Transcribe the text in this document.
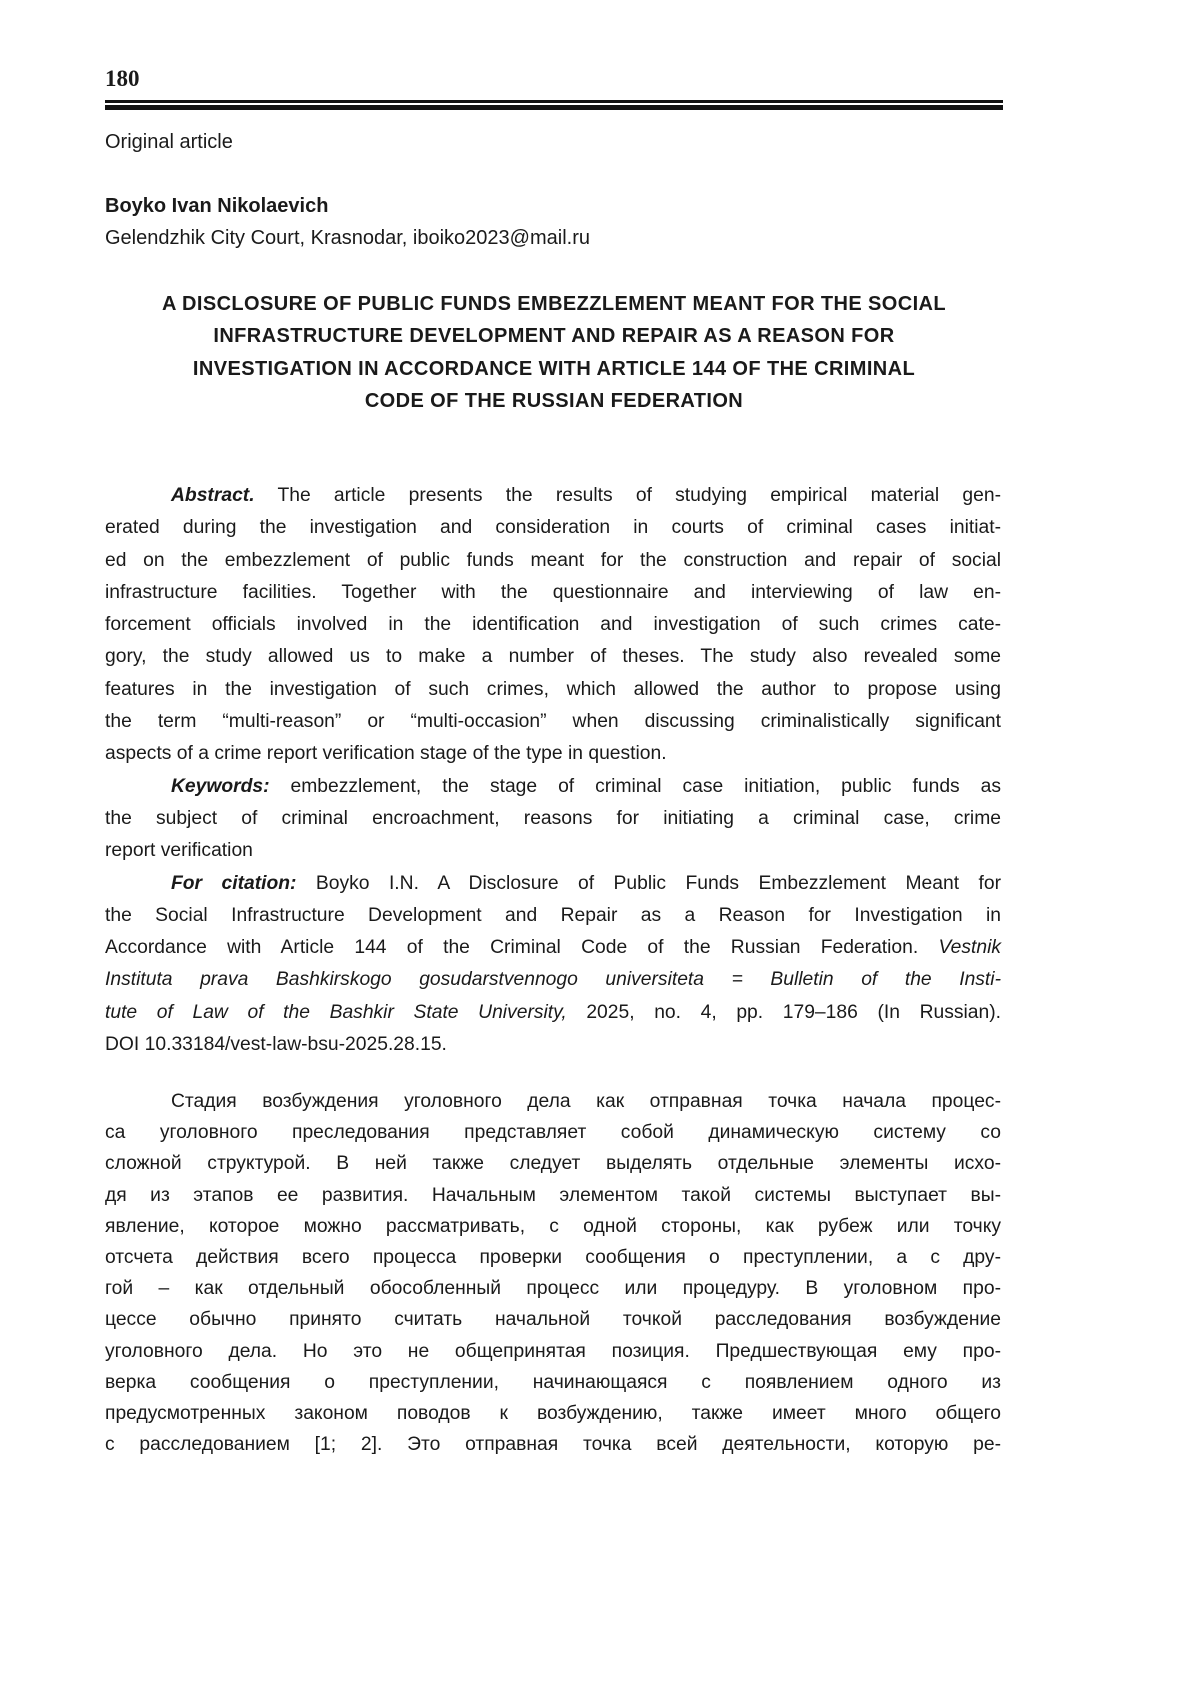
180
Original article
Boyko Ivan Nikolaevich
Gelendzhik City Court, Krasnodar, iboiko2023@mail.ru
A DISCLOSURE OF PUBLIC FUNDS EMBEZZLEMENT MEANT FOR THE SOCIAL
INFRASTRUCTURE DEVELOPMENT AND REPAIR AS A REASON FOR
INVESTIGATION IN ACCORDANCE WITH ARTICLE 144 OF THE CRIMINAL
CODE OF THE RUSSIAN FEDERATION
Abstract. The article presents the results of studying empirical material gen-
erated during the investigation and consideration in courts of criminal cases initiat-
ed on the embezzlement of public funds meant for the construction and repair of social
infrastructure facilities. Together with the questionnaire and interviewing of law en-
forcement officials involved in the identification and investigation of such crimes cate-
gory, the study allowed us to make a number of theses. The study also revealed some
features in the investigation of such crimes, which allowed the author to propose using
the term “multi-reason” or “multi-occasion” when discussing criminalistically significant
aspects of a crime report verification stage of the type in question.
Keywords: embezzlement, the stage of criminal case initiation, public funds as
the subject of criminal encroachment, reasons for initiating a criminal case, crime
report verification
For citation: Boyko I.N. A Disclosure of Public Funds Embezzlement Meant for
the Social Infrastructure Development and Repair as a Reason for Investigation in
Accordance with Article 144 of the Criminal Code of the Russian Federation. Vestnik
Instituta prava Bashkirskogo gosudarstvennogo universiteta = Bulletin of the Insti-
tute of Law of the Bashkir State University, 2025, no. 4, pp. 179–186 (In Russian).
DOI 10.33184/vest-law-bsu-2025.28.15.
Стадия возбуждения уголовного дела как отправная точка начала процес-
са уголовного преследования представляет собой динамическую систему со
сложной структурой. В ней также следует выделять отдельные элементы исхо-
дя из этапов ее развития. Начальным элементом такой системы выступает вы-
явление, которое можно рассматривать, с одной стороны, как рубеж или точку
отсчета действия всего процесса проверки сообщения о преступлении, а с дру-
гой – как отдельный обособленный процесс или процедуру. В уголовном про-
цессе обычно принято считать начальной точкой расследования возбуждение
уголовного дела. Но это не общепринятая позиция. Предшествующая ему про-
верка сообщения о преступлении, начинающаяся с появлением одного из
предусмотренных законом поводов к возбуждению, также имеет много общего
с расследованием [1; 2]. Это отправная точка всей деятельности, которую ре-
